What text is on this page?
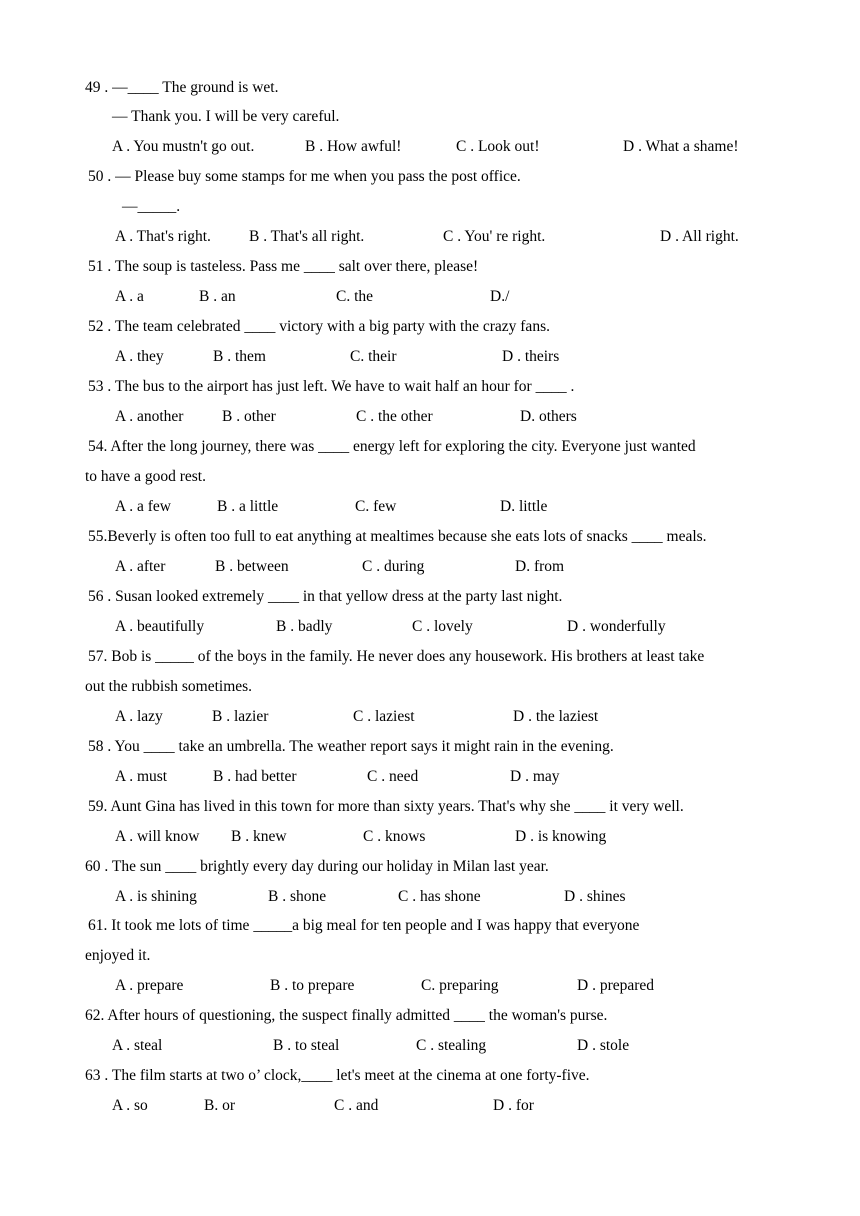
49 . —____ The ground is wet.
— Thank you. I will be very careful.
A . You mustn't go out.	B . How awful!	C . Look out!	D . What a shame!
50 . — Please buy some stamps for me when you pass the post office.
—_____.
A . That's right. B . That's all right.	C . You' re right.	D . All right.
51 . The soup is tasteless. Pass me ____ salt over there, please!
A . a	B . an	C. the	D./
52 . The team celebrated ____ victory with a big party with the crazy fans.
A . they	B . them	C. their	D . theirs
53 . The bus to the airport has just left. We have to wait half an hour for ____ .
A . another B . other	C . the other	D. others
54. After the long journey, there was ____ energy left for exploring the city. Everyone just wanted
to have a good rest.
A . a few	B . a little	C. few	D. little
55.Beverly is often too full to eat anything at mealtimes because she eats lots of snacks ____ meals.
A . after	B . between	C . during	D. from
56 . Susan looked extremely ____ in that yellow dress at the party last night.
A . beautifully	B . badly	C . lovely	D . wonderfully
57. Bob is _____ of the boys in the family. He never does any housework. His brothers at least take
out the rubbish sometimes.
A . lazy	B . lazier	C . laziest	D . the laziest
58 . You ____ take an umbrella. The weather report says it might rain in the evening.
A . must	B . had better	C . need	D . may
59. Aunt Gina has lived in this town for more than sixty years. That's why she ____ it very well.
A . will know B . knew	C . knows	D . is knowing
60 . The sun ____ brightly every day during our holiday in Milan last year.
A . is shining	B . shone	C . has shone	D . shines
61. It took me lots of time _____a big meal for ten people and I was happy that everyone
enjoyed it.
A . prepare	B . to prepare	C. preparing	D . prepared
62. After hours of questioning, the suspect finally admitted ____ the woman's purse.
A . steal	B . to steal	C . stealing	D . stole
63 . The film starts at two o’ clock,____ let's meet at the cinema at one forty-five.
A . so	B. or	C . and	D . for
